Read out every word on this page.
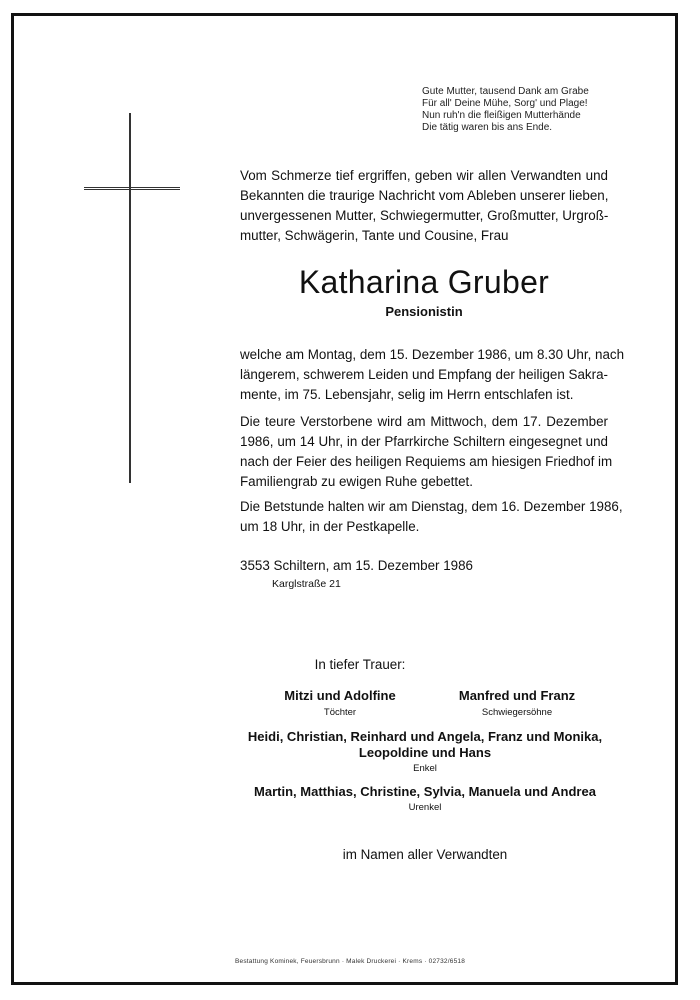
Gute Mutter, tausend Dank am Grabe
Für all' Deine Mühe, Sorg' und Plage!
Nun ruh'n die fleißigen Mutterhände
Die tätig waren bis ans Ende.
Vom Schmerze tief ergriffen, geben wir allen Verwandten und
Bekannten die traurige Nachricht vom Ableben unserer lieben,
unvergessenen Mutter, Schwiegermutter, Großmutter, Urgroß-
mutter, Schwägerin, Tante und Cousine, Frau
Katharina Gruber
Pensionistin
welche am Montag, dem 15. Dezember 1986, um 8.30 Uhr, nach
längerem, schwerem Leiden und Empfang der heiligen Sakra-
mente, im 75. Lebensjahr, selig im Herrn entschlafen ist.
Die teure Verstorbene wird am Mittwoch, dem 17. Dezember
1986, um 14 Uhr, in der Pfarrkirche Schiltern eingesegnet und
nach der Feier des heiligen Requiems am hiesigen Friedhof im
Familiengrab zu ewigen Ruhe gebettet.
Die Betstunde halten wir am Dienstag, dem 16. Dezember 1986,
um 18 Uhr, in der Pestkapelle.
3553 Schiltern, am 15. Dezember 1986
Karglstraße 21
In tiefer Trauer:
Mitzi und Adolfine
Töchter
Manfred und Franz
Schwiegersöhne
Heidi, Christian, Reinhard und Angela, Franz und Monika,
Leopoldine und Hans
Enkel
Martin, Matthias, Christine, Sylvia, Manuela und Andrea
Urenkel
im Namen aller Verwandten
Bestattung Kominek, Feuersbrunn · Malek Druckerei · Krems · 02732/6518
